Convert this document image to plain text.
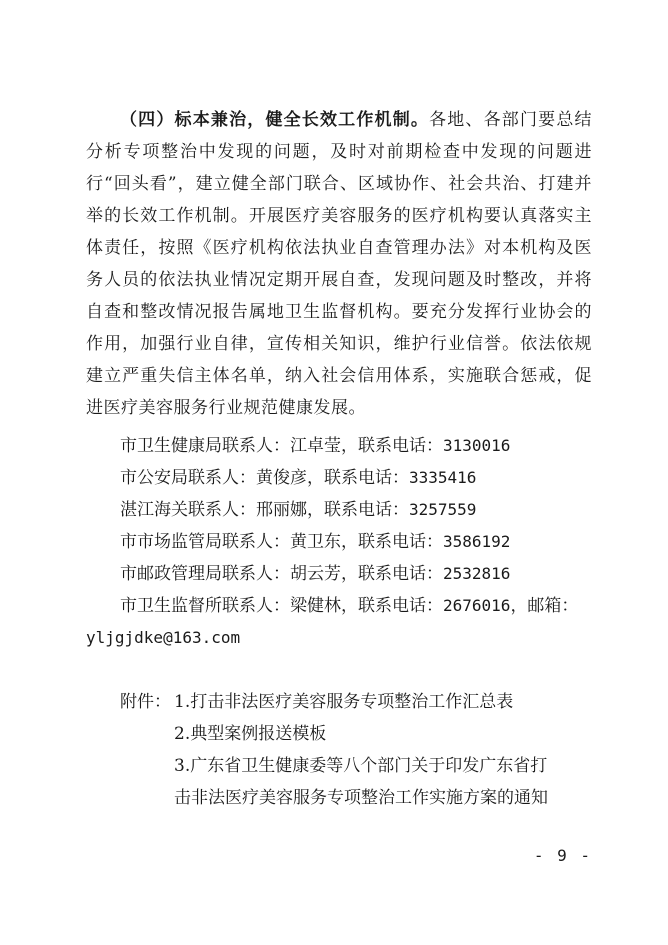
（四）标本兼治，健全长效工作机制。各地、各部门要总结分析专项整治中发现的问题，及时对前期检查中发现的问题进行“回头看”，建立健全部门联合、区域协作、社会共治、打建并举的长效工作机制。开展医疗美容服务的医疗机构要认真落实主体责任，按照《医疗机构依法执业自查管理办法》对本机构及医务人员的依法执业情况定期开展自查，发现问题及时整改，并将自查和整改情况报告属地卫生监督机构。要充分发挥行业协会的作用，加强行业自律，宣传相关知识，维护行业信誉。依法依规建立严重失信主体名单，纳入社会信用体系，实施联合惩戒，促进医疗美容服务行业规范健康发展。

市卫生健康局联系人：江卓莹，联系电话：3130016
市公安局联系人：黄俊彦，联系电话：3335416
湛江海关联系人：邢丽娜，联系电话：3257559
市市场监管局联系人：黄卫东，联系电话：3586192
市邮政管理局联系人：胡云芳，联系电话：2532816
市卫生监督所联系人：梁健林，联系电话：2676016，邮箱：
yljgjdke@163.com
附件： 1.打击非法医疗美容服务专项整治工作汇总表
2.典型案例报送模板
3.广东省卫生健康委等八个部门关于印发广东省打
击非法医疗美容服务专项整治工作实施方案的通知
- 9 -
